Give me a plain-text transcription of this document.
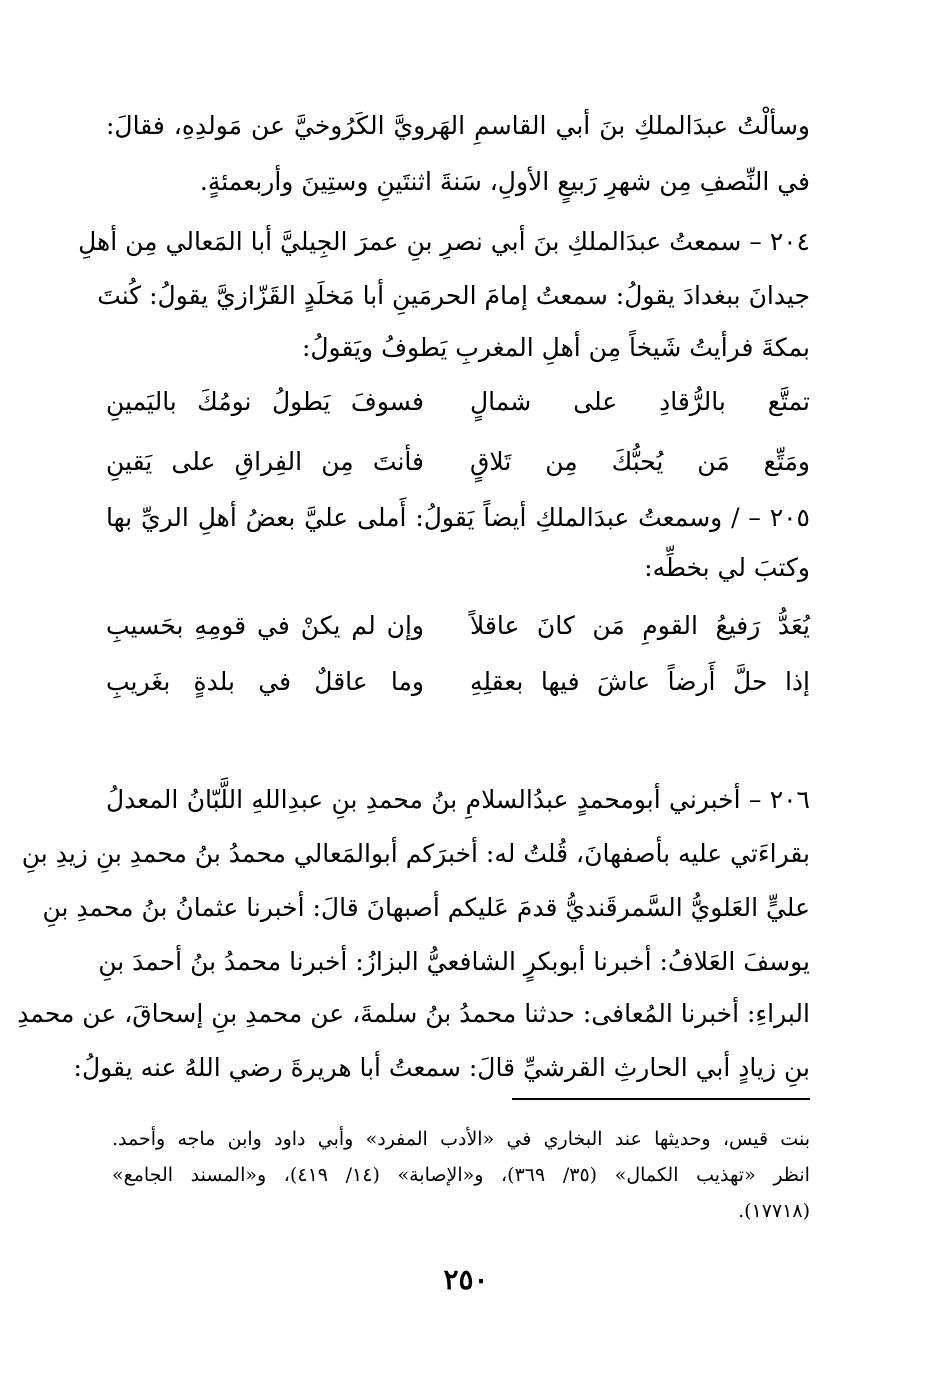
وسألْتُ عبدَالملكِ بنَ أبي القاسمِ الهَرويَّ الكَرُوخيَّ عن مَولدِهِ، فقالَ:
في النِّصفِ مِن شهرِ رَبيعٍ الأولِ، سَنةَ اثنتَينِ وستِينَ وأربعمئةٍ.
٢٠٤ – سمعتُ عبدَالملكِ بنَ أبي نصرِ بنِ عمرَ الجِيليَّ أبا المَعالي مِن أهلِ
جيدانَ ببغدادَ يقولُ: سمعتُ إمامَ الحرمَينِ أبا مَخلَدٍ القَزّازيَّ يقولُ: كُنتَ
بمكةَ فرأيتُ شَيخاً مِن أهلِ المغربِ يَطوفُ ويَقولُ:
تمتَّع بالرُّقادِ على شمالٍ
فسوفَ يَطولُ نومُكَ باليَمينِ
ومَتِّع مَن يُحبُّكَ مِن تَلاقٍ
فأنتَ مِن الفِراقِ على يَقينِ
٢٠٥ – / وسمعتُ عبدَالملكِ أيضاً يَقولُ: أَملى عليَّ بعضُ أهلِ الريِّ بها
وكتبَ لي بخطِّه:
يُعَدُّ رَفيعُ القومِ مَن كانَ عاقلاً
وإن لم يكنْ في قومِهِ بحَسيبِ
إذا حلَّ أَرضاً عاشَ فيها بعقلِهِ
وما عاقلٌ في بلدةٍ بغَريبِ
٢٠٦ – أخبرني أبومحمدٍ عبدُالسلامِ بنُ محمدِ بنِ عبدِاللهِ اللَّبّانُ المعدلُ
بقراءَتي عليه بأصفهانَ، قُلتُ له: أخبرَكم أبوالمَعالي محمدُ بنُ محمدِ بنِ زيدِ بنِ
عليٍّ العَلويُّ السَّمرقَنديُّ قدمَ عَليكم أصبهانَ قالَ: أخبرنا عثمانُ بنُ محمدِ بنِ
يوسفَ العَلافُ: أخبرنا أبوبكرٍ الشافعيُّ البزازُ: أخبرنا محمدُ بنُ أحمدَ بنِ
البراءِ: أخبرنا المُعافى: حدثنا محمدُ بنُ سلمةَ، عن محمدِ بنِ إسحاقَ، عن محمدِ
بنِ زيادٍ أبي الحارثِ القرشيِّ قالَ: سمعتُ أبا هريرةَ رضي اللهُ عنه يقولُ:
بنت قيس، وحديثها عند البخاري في «الأدب المفرد» وأبي داود وابن ماجه وأحمد.
انظر «تهذيب الكمال» (٣٥/ ٣٦٩)، و«الإصابة» (١٤/ ٤١٩)، و«المسند الجامع»
(١٧٧١٨).
٢٥٠
